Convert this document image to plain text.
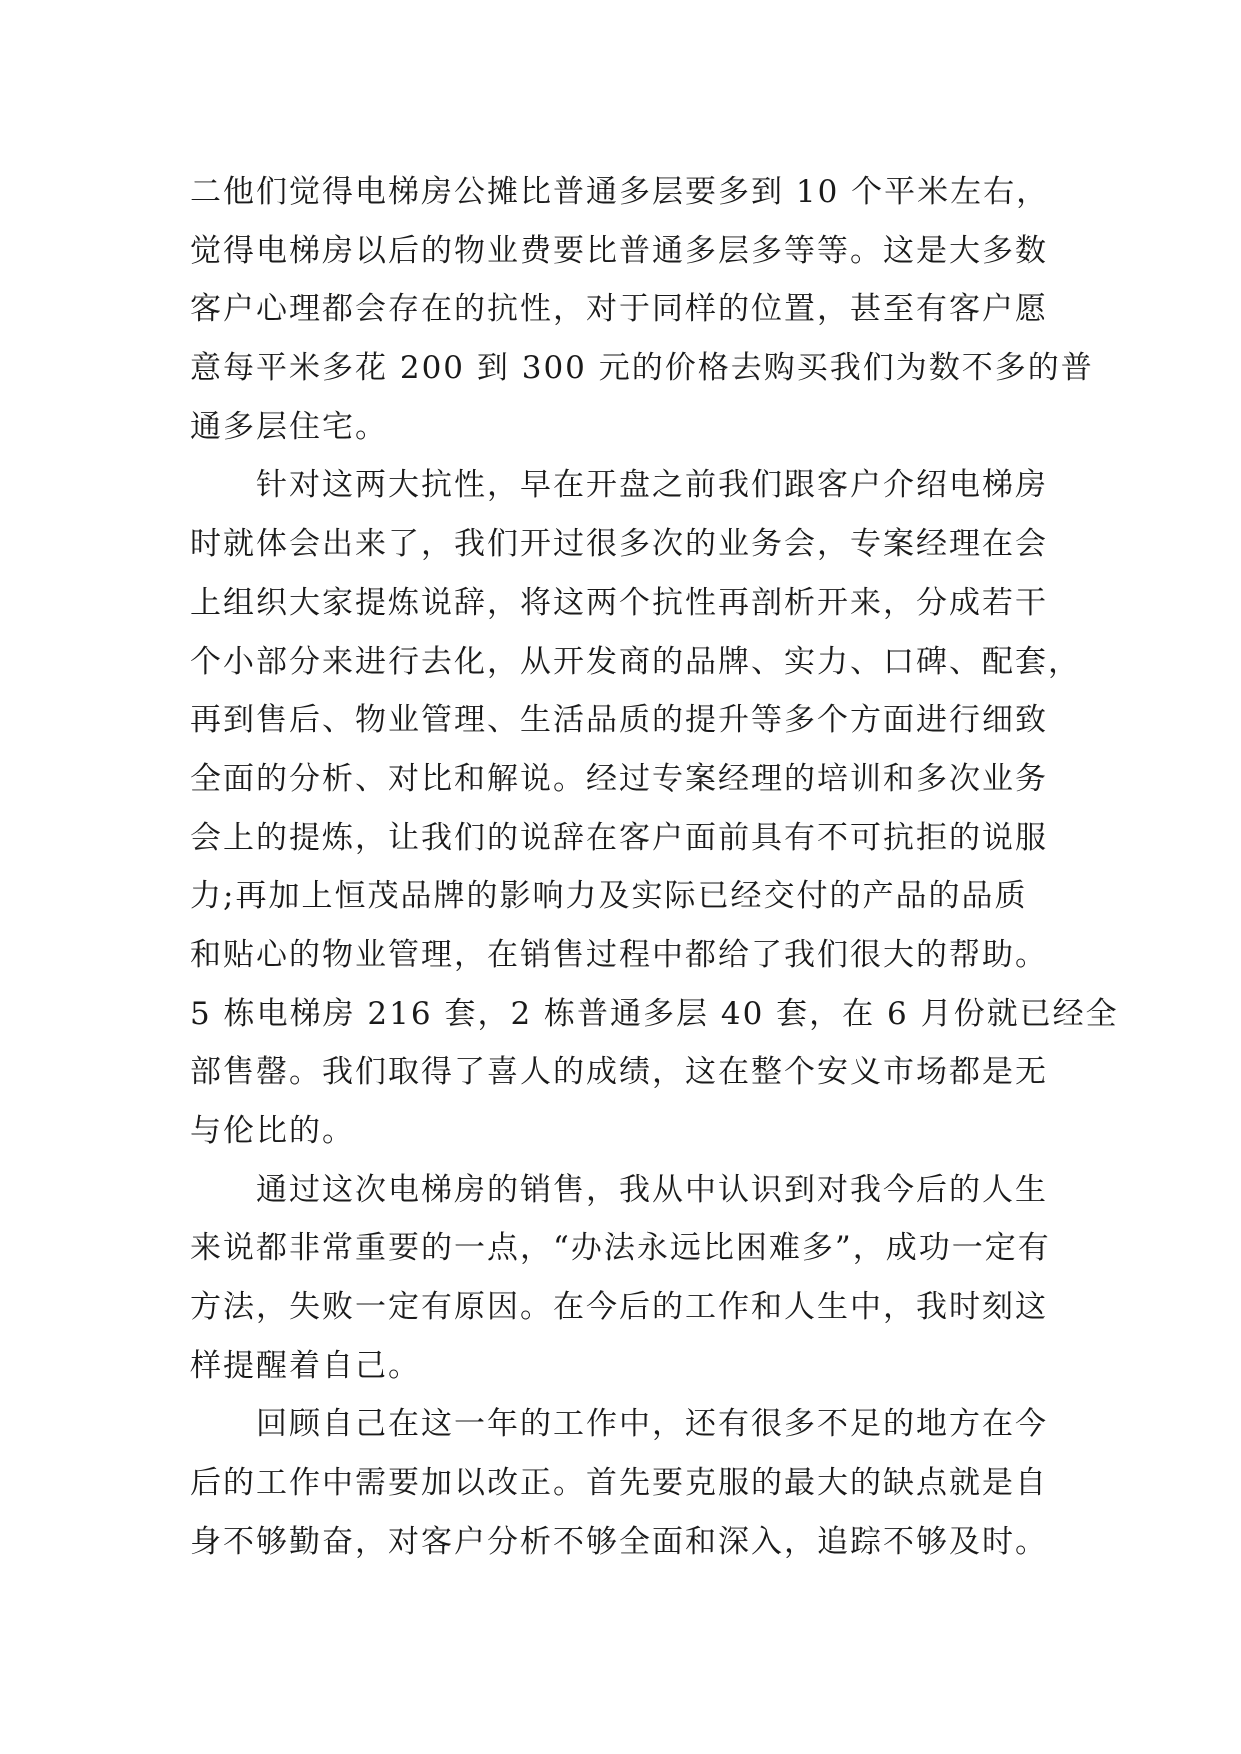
二他们觉得电梯房公摊比普通多层要多到 10 个平米左右，
觉得电梯房以后的物业费要比普通多层多等等。这是大多数
客户心理都会存在的抗性，对于同样的位置，甚至有客户愿
意每平米多花 200 到 300 元的价格去购买我们为数不多的普
通多层住宅。
针对这两大抗性，早在开盘之前我们跟客户介绍电梯房
时就体会出来了，我们开过很多次的业务会，专案经理在会
上组织大家提炼说辞，将这两个抗性再剖析开来，分成若干
个小部分来进行去化，从开发商的品牌、实力、口碑、配套，
再到售后、物业管理、生活品质的提升等多个方面进行细致
全面的分析、对比和解说。经过专案经理的培训和多次业务
会上的提炼，让我们的说辞在客户面前具有不可抗拒的说服
力;再加上恒茂品牌的影响力及实际已经交付的产品的品质
和贴心的物业管理，在销售过程中都给了我们很大的帮助。
5 栋电梯房 216 套，2 栋普通多层 40 套，在 6 月份就已经全
部售罄。我们取得了喜人的成绩，这在整个安义市场都是无
与伦比的。
通过这次电梯房的销售，我从中认识到对我今后的人生
来说都非常重要的一点，“办法永远比困难多”，成功一定有
方法，失败一定有原因。在今后的工作和人生中，我时刻这
样提醒着自己。
回顾自己在这一年的工作中，还有很多不足的地方在今
后的工作中需要加以改正。首先要克服的最大的缺点就是自
身不够勤奋，对客户分析不够全面和深入，追踪不够及时。
